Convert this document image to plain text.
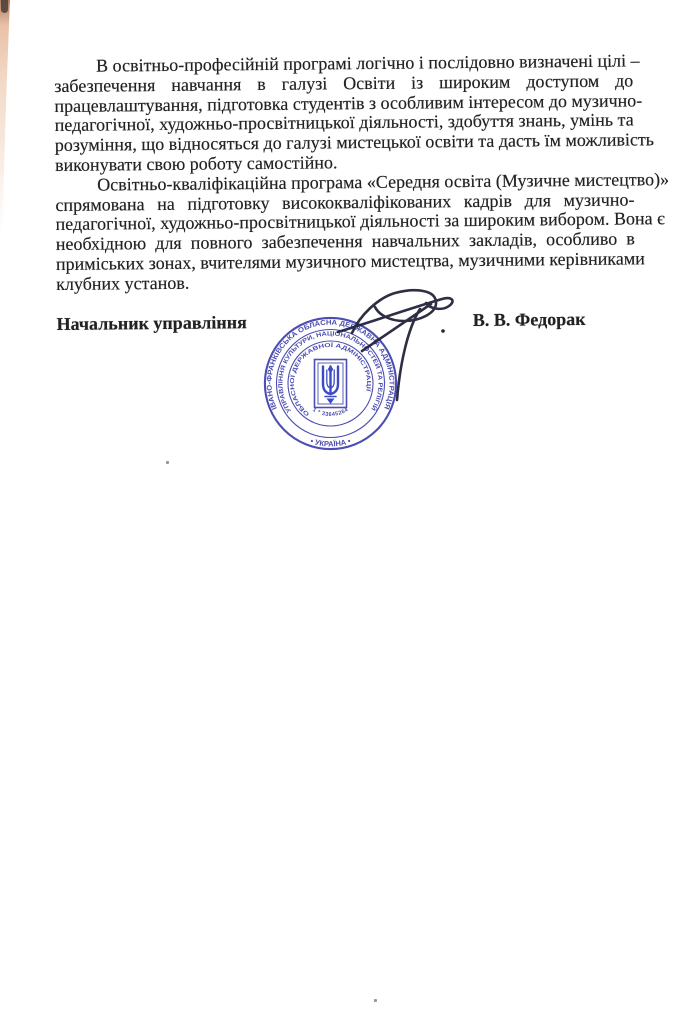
В освітньо-професійній програмі логічно і послідовно визначені цілі –
забезпечення навчання в галузі Освіти із широким доступом до
працевлаштування, підготовка студентів з особливим інтересом до музично-
педагогічної, художньо-просвітницької діяльності, здобуття знань, умінь та
розуміння, що відносяться до галузі мистецької освіти та дасть їм можливість
виконувати свою роботу самостійно.
Освітньо-кваліфікаційна програма «Середня освіта (Музичне мистецтво)»
спрямована на підготовку висококваліфікованих кадрів для музично-
педагогічної, художньо-просвітницької діяльності за широким вибором. Вона є
необхідною для повного забезпечення навчальних закладів, особливо в
приміських зонах, вчителями музичного мистецтва, музичними керівниками
клубних установ.
Начальник управління	В. В. Федорак
ІВАНО-ФРАНКІВСЬКА ОБЛАСНА ДЕРЖАВНА АДМІНІСТРАЦІЯ
• УКРАЇНА •
УПРАВЛІННЯ КУЛЬТУРИ, НАЦІОНАЛЬНОСТЕЙ ТА РЕЛІГІЙ
ОБЛАСНОЇ ДЕРЖАВНОЇ АДМІНІСТРАЦІЇ
1 * 33645264
